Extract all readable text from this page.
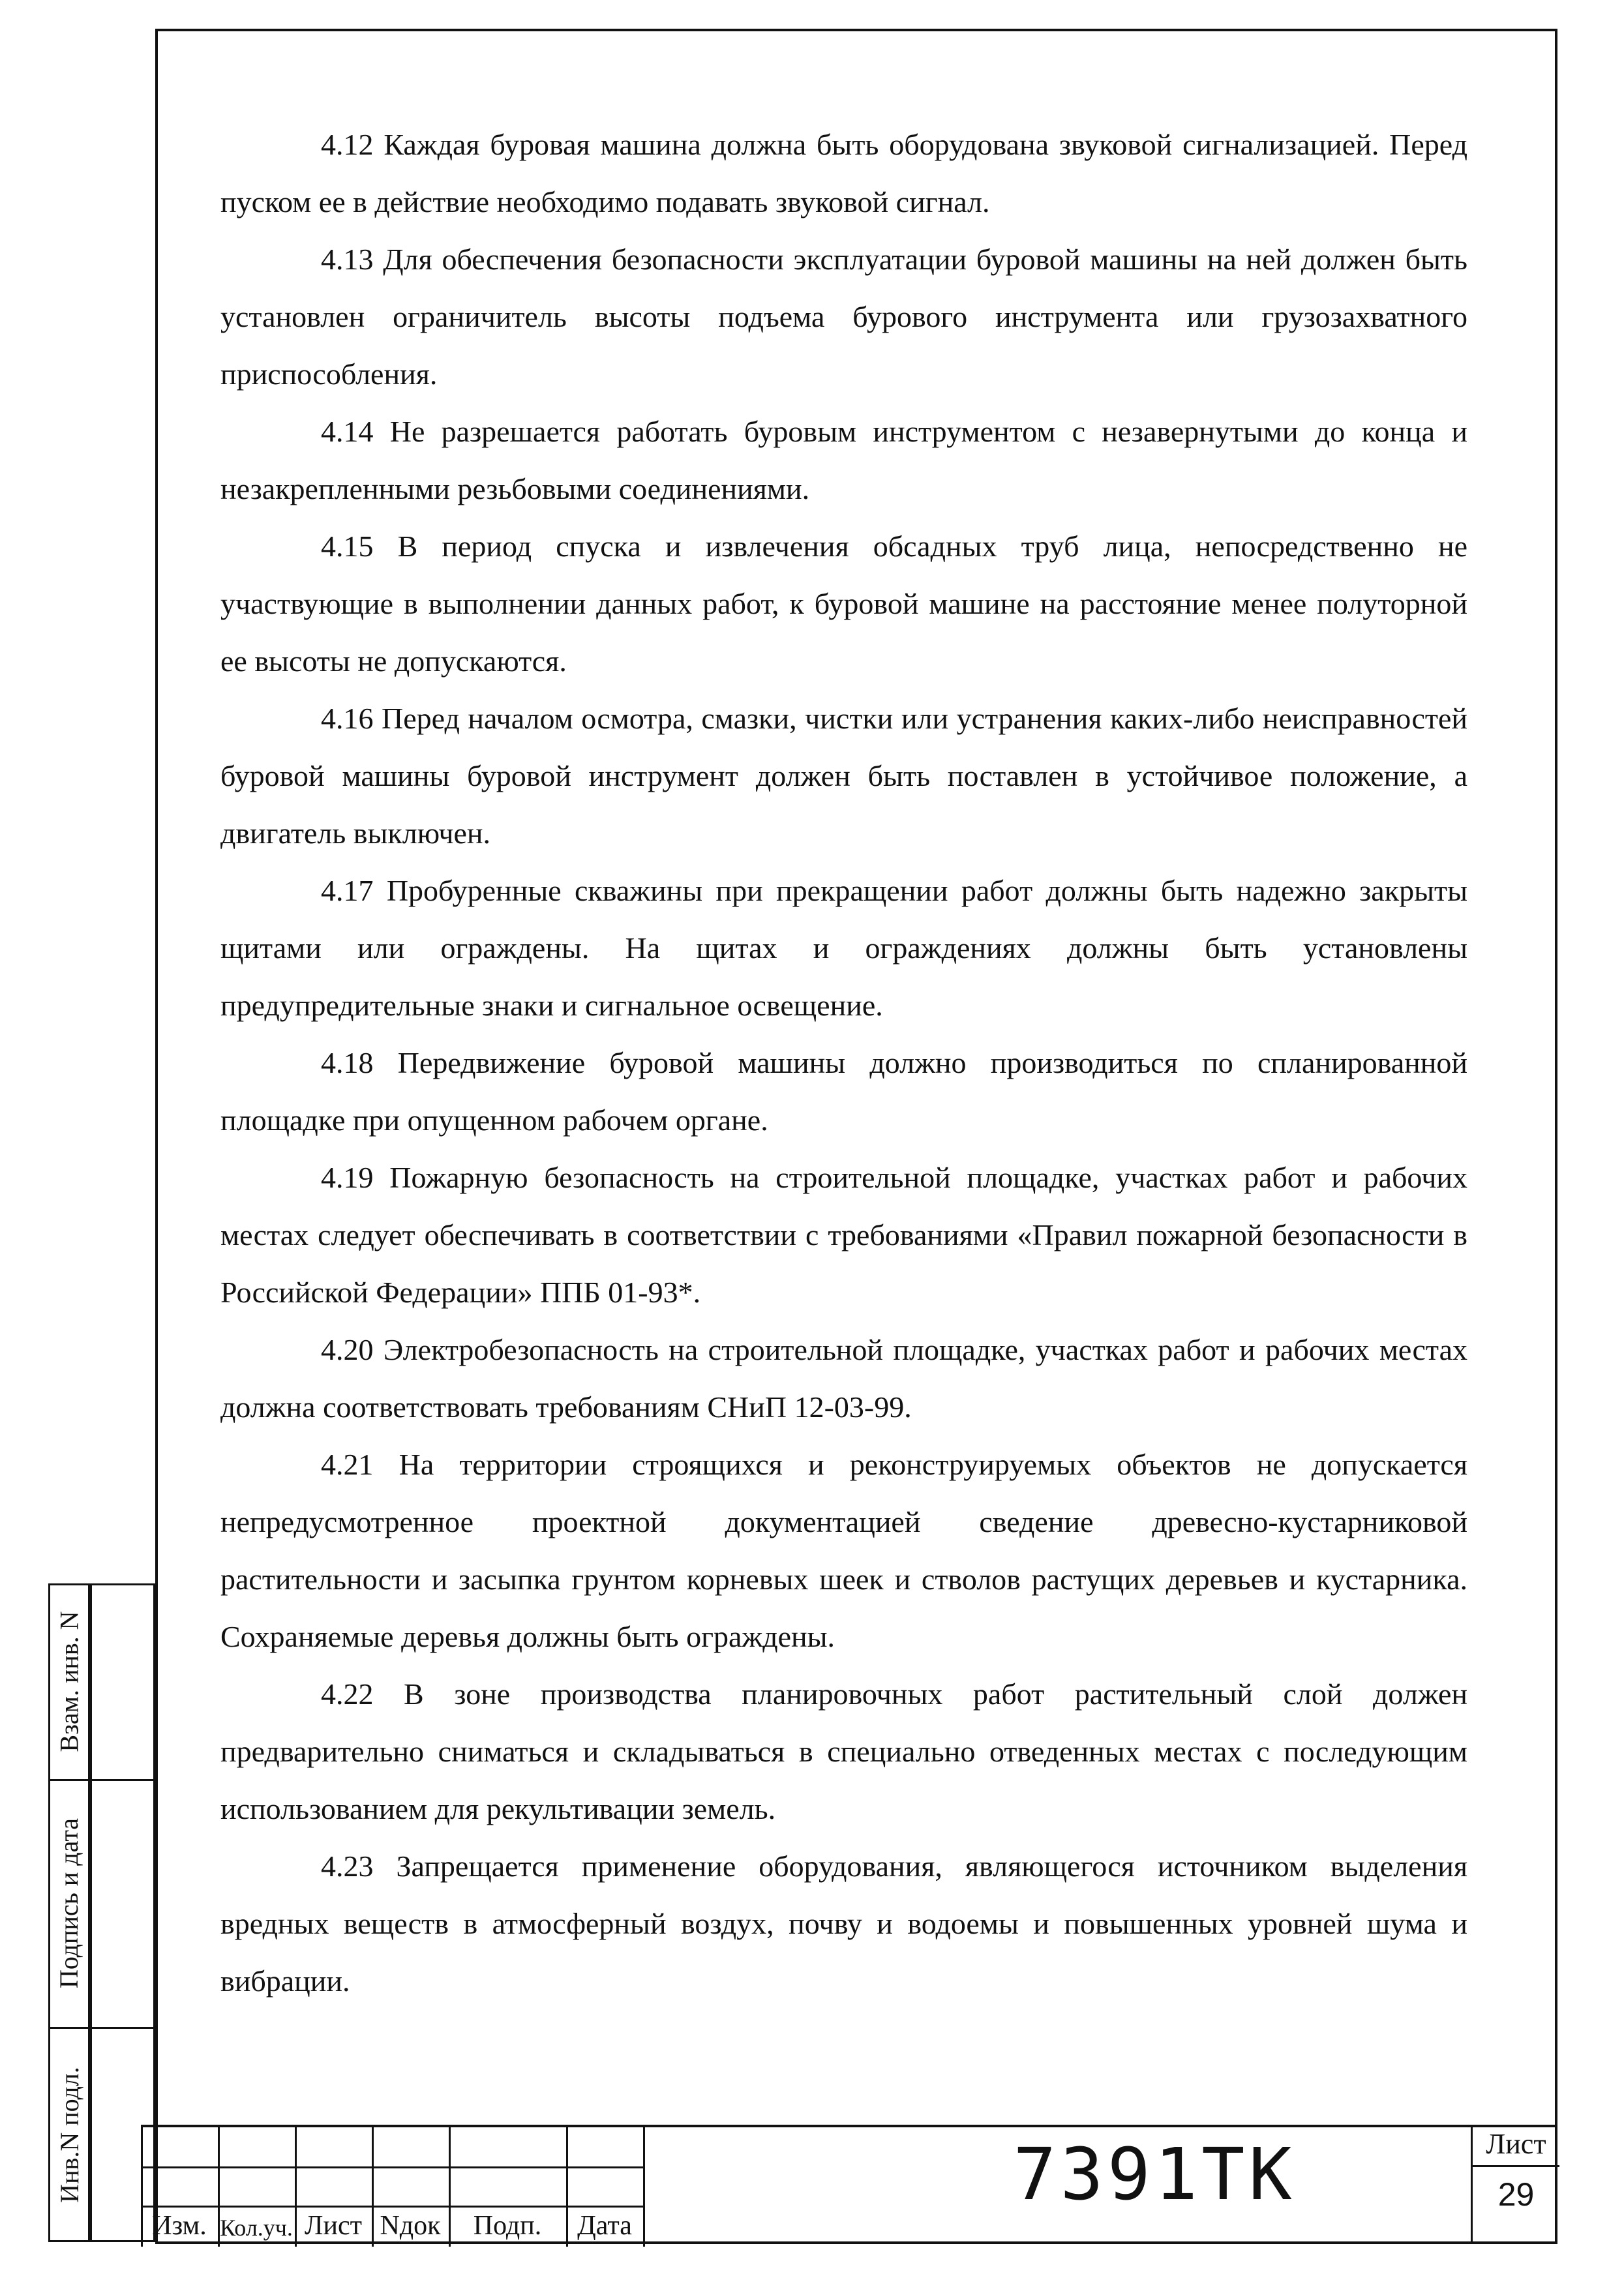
4.12 Каждая буровая машина должна быть оборудована звуковой сигнализацией. Перед пуском ее в действие необходимо подавать звуковой сигнал.

4.13 Для обеспечения безопасности эксплуатации буровой машины на ней должен быть установлен ограничитель высоты подъема бурового инструмента или грузозахватного приспособления.

4.14 Не разрешается работать буровым инструментом с незавернутыми до конца и незакрепленными резьбовыми соединениями.

4.15 В период спуска и извлечения обсадных труб лица, непосредственно не участвующие в выполнении данных работ, к буровой машине на расстояние менее полуторной ее высоты не допускаются.

4.16 Перед началом осмотра, смазки, чистки или устранения каких-либо неисправностей буровой машины буровой инструмент должен быть поставлен в устойчивое положение, а двигатель выключен.

4.17 Пробуренные скважины при прекращении работ должны быть надежно закрыты щитами или ограждены. На щитах и ограждениях должны быть установлены предупредительные знаки и сигнальное освещение.

4.18 Передвижение буровой машины должно производиться по спланированной площадке при опущенном рабочем органе.

4.19 Пожарную безопасность на строительной площадке, участках работ и рабочих местах следует обеспечивать в соответствии с требованиями «Правил пожарной безопасности в Российской Федерации» ППБ 01-93*.

4.20 Электробезопасность на строительной площадке, участках работ и рабочих местах должна соответствовать требованиям СНиП 12-03-99.

4.21 На территории строящихся и реконструируемых объектов не допускается непредусмотренное проектной документацией сведение древесно-кустарниковой растительности и засыпка грунтом корневых шеек и стволов растущих деревьев и кустарника. Сохраняемые деревья должны быть ограждены.

4.22 В зоне производства планировочных работ растительный слой должен предварительно сниматься и складываться в специально отведенных местах с последующим использованием для рекультивации земель.

4.23 Запрещается применение оборудования, являющегося источником выделения вредных веществ в атмосферный воздух, почву и водоемы и повышенных уровней шума и вибрации.

Взам. инв. N
Подпись и дата
Инв.N подл.
Изм. Кол.уч. Лист Nдок	Подп.	Дата
7391ТК	Лист
29
